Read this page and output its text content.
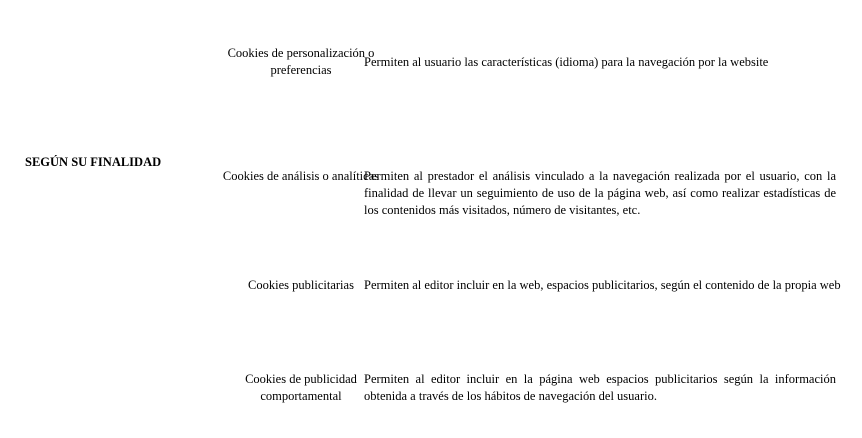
SEGÚN SU FINALIDAD
Cookies de personalización o preferencias
Permiten al usuario las características (idioma) para la navegación por la website
Cookies de análisis o analíticas
Permiten al prestador el análisis vinculado a la navegación realizada por el usuario, con la finalidad de llevar un seguimiento de uso de la página web, así como realizar estadísticas de los contenidos más visitados, número de visitantes, etc.
Cookies publicitarias Permiten al editor incluir en la web, espacios publicitarios, según el contenido de la propia web
Cookies de publicidad comportamental
Permiten al editor incluir en la página web espacios publicitarios según la información obtenida a través de los hábitos de navegación del usuario.
